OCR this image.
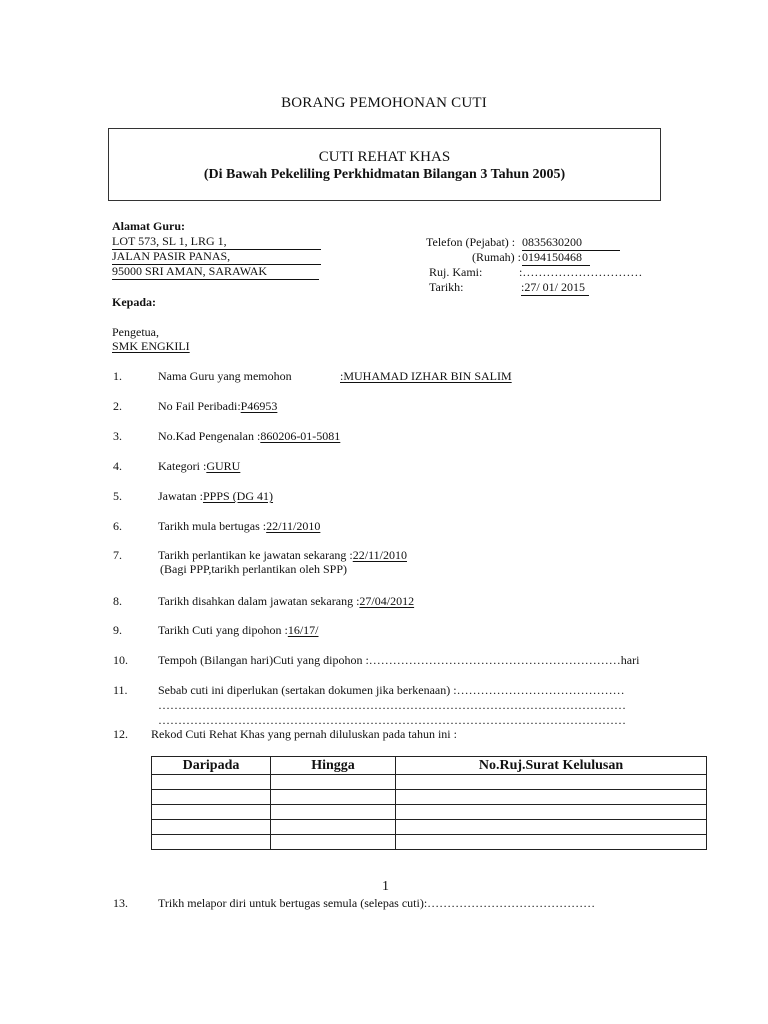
BORANG PEMOHONAN CUTI
CUTI REHAT KHAS
(Di Bawah Pekeliling Perkhidmatan Bilangan 3 Tahun 2005)
Alamat Guru:
LOT 573, SL 1, LRG 1,
JALAN PASIR PANAS,
95000 SRI AMAN, SARAWAK
Telefon (Pejabat) : 0835630200
(Rumah) : 0194150468
Ruj. Kami:	:…………………………
Tarikh:	:27/ 01/ 2015
Kepada:
Pengetua,
SMK ENGKILI
1.	Nama Guru yang memohon	:MUHAMAD IZHAR BIN SALIM
2.	No Fail Peribadi:P46953
3.	No.Kad Pengenalan :860206-01-5081
4.	Kategori :GURU
5.	Jawatan :PPPS (DG 41)
6.	Tarikh mula bertugas :22/11/2010
7.	Tarikh perlantikan ke jawatan sekarang :22/11/2010
(Bagi PPP,tarikh perlantikan oleh SPP)
8.	Tarikh disahkan dalam jawatan sekarang :27/04/2012
9.	Tarikh Cuti yang dipohon :16/17/
10.	Tempoh (Bilangan hari)Cuti yang dipohon :………………………………………………………hari
11.	Sebab cuti ini diperlukan (sertakan dokumen jika berkenaan) :……………………………………
………………………………………………………………………………………………………
………………………………………………………………………………………………………
12. Rekod Cuti Rehat Khas yang pernah diluluskan pada tahun ini :
Daripada	Hingga	No.Ruj.Surat Kelulusan

1
13.	Trikh melapor diri untuk bertugas semula (selepas cuti):……………………………………
